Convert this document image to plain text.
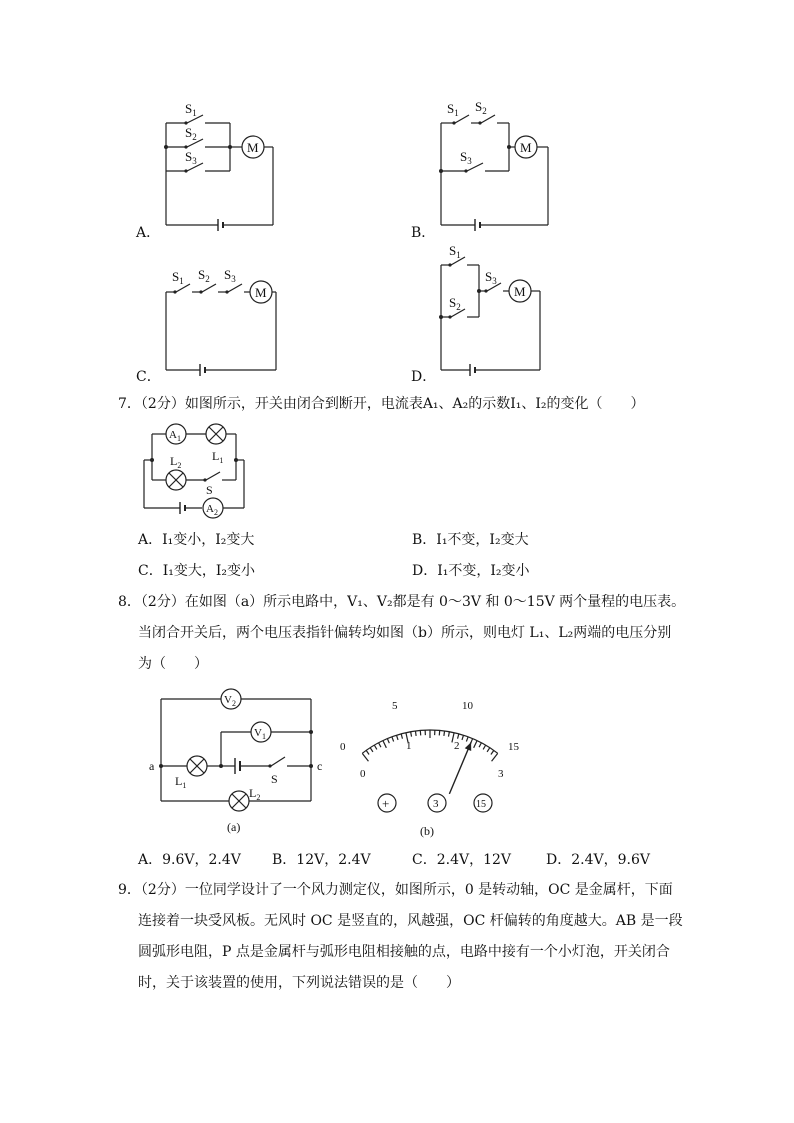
M
$S_1$
$S_2$
$S_3$
A．
M
$S_1$ $S_2$
$S_3$
B．
M
$S_1$ $S_2$ $S_3$
C．
M
$S_1$
$S_2$
$S_3$
D．
7．（2分）如图所示，开关由闭合到断开，电流表A₁、A₂的示数I₁、I₂的变化（　　）
$A_2$
$A_1$
$L_1$
$L_2$
S
A．I₁变小，I₂变大	B．I₁不变，I₂变大
C．I₁变大，I₂变小	D．I₁不变，I₂变小
8．（2分）在如图（a）所示电路中，V₁、V₂都是有 0～3V 和 0～15V 两个量程的电压表。
当闭合开关后，两个电压表指针偏转均如图（b）所示，则电灯 L₁、L₂两端的电压分别
为（　　）
$V_2$
$V_1$
a	c
$L_1$
$L_2$
S
(a)
0
5	10
15
0
1	2
3
+	3	15
(b)
A．9.6V，2.4V B．12V，2.4V	C．2.4V，12V D．2.4V，9.6V
9．（2分）一位同学设计了一个风力测定仪，如图所示，0 是转动轴，OC 是金属杆，下面
连接着一块受风板。无风时 OC 是竖直的，风越强，OC 杆偏转的角度越大。AB 是一段
圆弧形电阻，P 点是金属杆与弧形电阻相接触的点，电路中接有一个小灯泡，开关闭合
时，关于该装置的使用，下列说法错误的是（　　）
